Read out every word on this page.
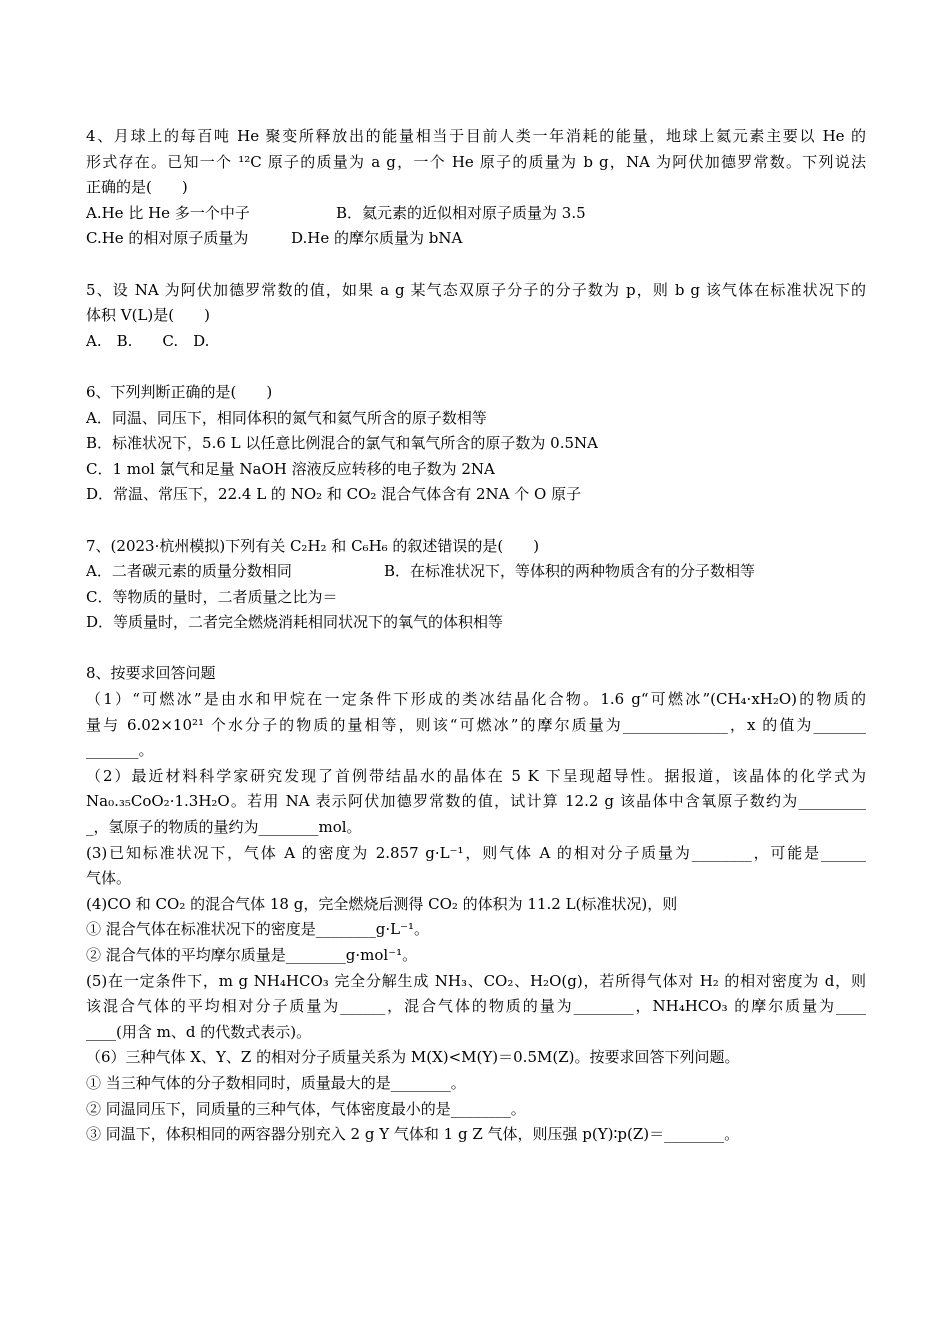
4、月球上的每百吨 He 聚变所释放出的能量相当于目前人类一年消耗的能量，地球上氦元素主要以 He 的
形式存在。已知一个 ¹²C 原子的质量为 a g，一个 He 原子的质量为 b g，NA 为阿伏加德罗常数。下列说法
正确的是(　　)
A.He 比 He 多一个中子	B．氦元素的近似相对原子质量为 3.5
C.He 的相对原子质量为	D.He 的摩尔质量为 bNA
5、设 NA 为阿伏加德罗常数的值，如果 a g 某气态双原子分子的分子数为 p，则 b g 该气体在标准状况下的
体积 V(L)是(　　)
A.　B.　　C.　D.
6、下列判断正确的是(　　)
A．同温、同压下，相同体积的氮气和氦气所含的原子数相等
B．标准状况下，5.6 L 以任意比例混合的氯气和氧气所含的原子数为 0.5NA
C．1 mol 氯气和足量 NaOH 溶液反应转移的电子数为 2NA
D．常温、常压下，22.4 L 的 NO₂ 和 CO₂ 混合气体含有 2NA 个 O 原子
7、(2023·杭州模拟)下列有关 C₂H₂ 和 C₆H₆ 的叙述错误的是(　　)
A．二者碳元素的质量分数相同	B．在标准状况下，等体积的两种物质含有的分子数相等
C．等物质的量时，二者质量之比为＝
D．等质量时，二者完全燃烧消耗相同状况下的氧气的体积相等
8、按要求回答问题
（1）“可燃冰”是由水和甲烷在一定条件下形成的类冰结晶化合物。1.6 g“可燃冰”(CH₄·xH₂O)的物质的
量与 6.02×10²¹ 个水分子的物质的量相等，则该“可燃冰”的摩尔质量为______________，x 的值为_______
_______。
（2）最近材料科学家研究发现了首例带结晶水的晶体在 5 K 下呈现超导性。据报道，该晶体的化学式为
Na₀.₃₅CoO₂·1.3H₂O。若用 NA 表示阿伏加德罗常数的值，试计算 12.2 g 该晶体中含氧原子数约为_________
_，氢原子的物质的量约为________mol。
(3)已知标准状况下，气体 A 的密度为 2.857 g·L⁻¹，则气体 A 的相对分子质量为________，可能是______
气体。
(4)CO 和 CO₂ 的混合气体 18 g，完全燃烧后测得 CO₂ 的体积为 11.2 L(标准状况)，则
① 混合气体在标准状况下的密度是________g·L⁻¹。
② 混合气体的平均摩尔质量是________g·mol⁻¹。
(5)在一定条件下，m g NH₄HCO₃ 完全分解生成 NH₃、CO₂、H₂O(g)，若所得气体对 H₂ 的相对密度为 d，则
该混合气体的平均相对分子质量为______，混合气体的物质的量为________，NH₄HCO₃ 的摩尔质量为____
____(用含 m、d 的代数式表示)。
（6）三种气体 X、Y、Z 的相对分子质量关系为 M(X)<M(Y)＝0.5M(Z)。按要求回答下列问题。
① 当三种气体的分子数相同时，质量最大的是________。
② 同温同压下，同质量的三种气体，气体密度最小的是________。
③ 同温下，体积相同的两容器分别充入 2 g Y 气体和 1 g Z 气体，则压强 p(Y)∶p(Z)＝________。
